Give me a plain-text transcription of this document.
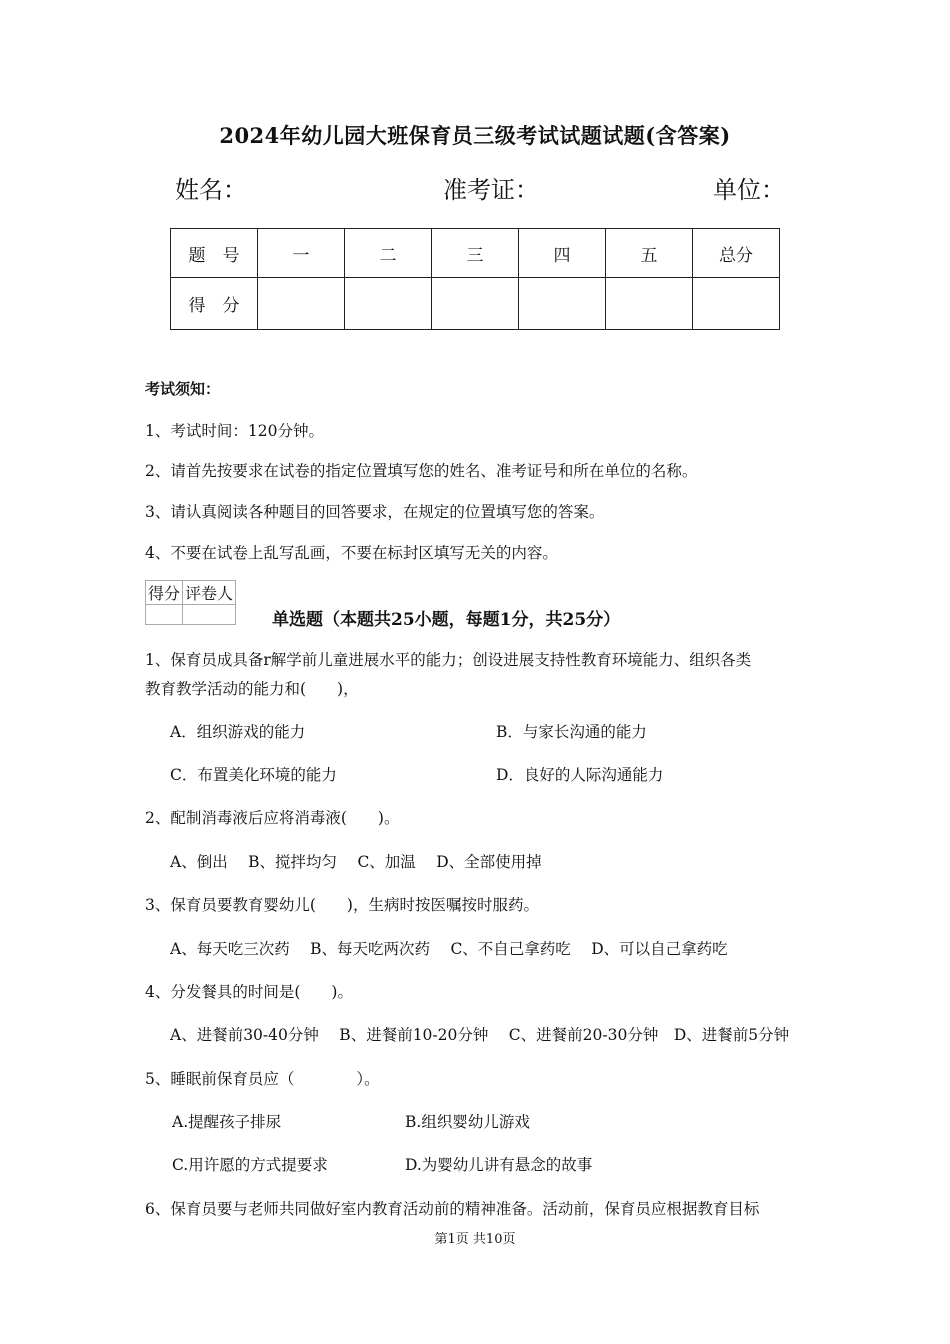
2024年幼儿园大班保育员三级考试试题试题(含答案)
姓名：	准考证：	单位：
题　号	一	二	三	四	五	总分
得　分						
考试须知：
1、考试时间：120分钟。
2、请首先按要求在试卷的指定位置填写您的姓名、准考证号和所在单位的名称。
3、请认真阅读各种题目的回答要求，在规定的位置填写您的答案。
4、不要在试卷上乱写乱画，不要在标封区填写无关的内容。
得分	评卷人

单选题（本题共25小题，每题1分，共25分）
1、保育员成具备r解学前儿童进展水平的能力；创设进展支持性教育环境能力、组织各类
教育教学活动的能力和(　　)，
A．组织游戏的能力	B．与家长沟通的能力
C．布置美化环境的能力	D．良好的人际沟通能力
2、配制消毒液后应将消毒液(　　)。
A、倒出　 B、搅拌均匀　 C、加温　 D、全部使用掉
3、保育员要教育婴幼儿(　　)，生病时按医嘱按时服药。
A、每天吃三次药　 B、每天吃两次药　 C、不自己拿药吃　 D、可以自己拿药吃
4、分发餐具的时间是(　　)。
A、进餐前30-40分钟　 B、进餐前10-20分钟　 C、进餐前20-30分钟　D、进餐前5分钟
5、睡眠前保育员应（　　　　）。
A.提醒孩子排尿	B.组织婴幼儿游戏
C.用许愿的方式提要求	D.为婴幼儿讲有悬念的故事
6、保育员要与老师共同做好室内教育活动前的精神准备。活动前，保育员应根据教育目标
第1页 共10页
